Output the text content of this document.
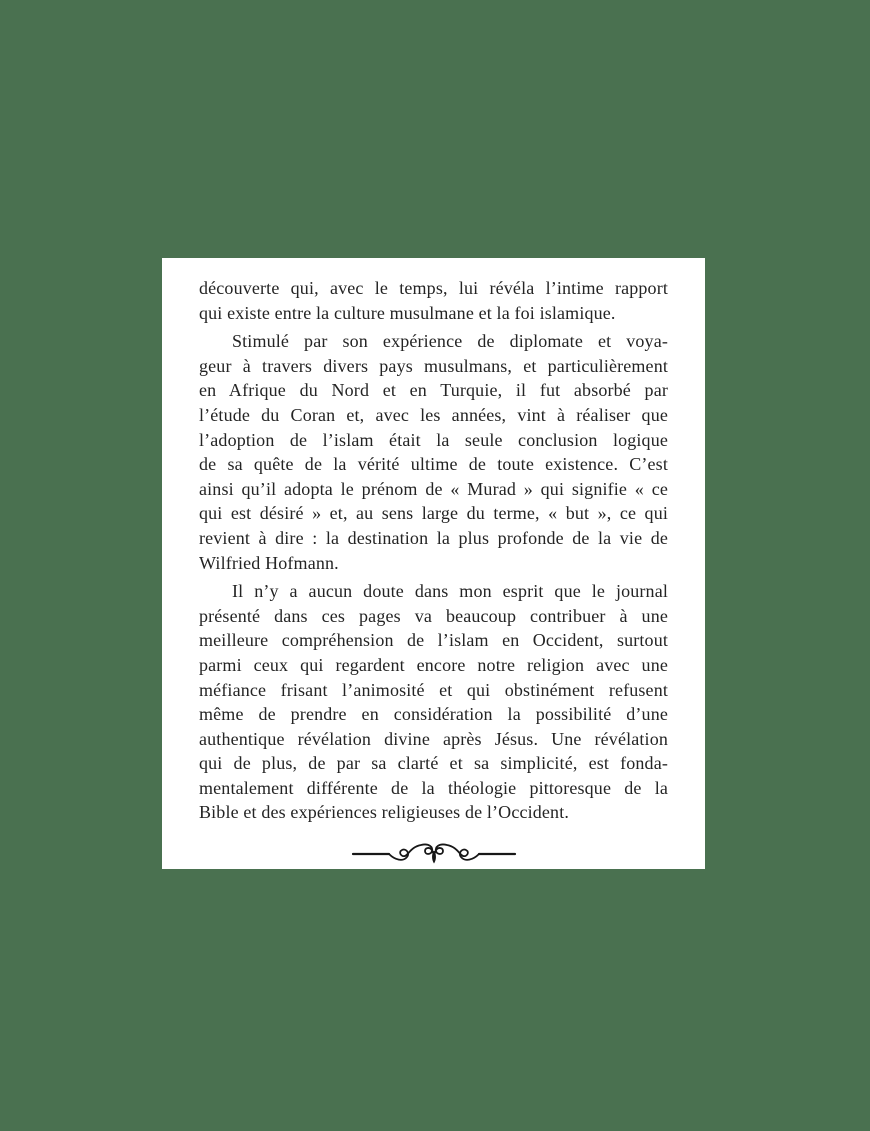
découverte qui, avec le temps, lui révéla l’intime rapport
qui existe entre la culture musulmane et la foi islamique.
Stimulé par son expérience de diplomate et voya-
geur à travers divers pays musulmans, et particulièrement
en Afrique du Nord et en Turquie, il fut absorbé par
l’étude du Coran et, avec les années, vint à réaliser que
l’adoption de l’islam était la seule conclusion logique
de sa quête de la vérité ultime de toute existence. C’est
ainsi qu’il adopta le prénom de « Murad » qui signifie « ce
qui est désiré » et, au sens large du terme, « but », ce qui
revient à dire : la destination la plus profonde de la vie de
Wilfried Hofmann.
Il n’y a aucun doute dans mon esprit que le journal
présenté dans ces pages va beaucoup contribuer à une
meilleure compréhension de l’islam en Occident, surtout
parmi ceux qui regardent encore notre religion avec une
méfiance frisant l’animosité et qui obstinément refusent
même de prendre en considération la possibilité d’une
authentique révélation divine après Jésus. Une révélation
qui de plus, de par sa clarté et sa simplicité, est fonda-
mentalement différente de la théologie pittoresque de la
Bible et des expériences religieuses de l’Occident.
